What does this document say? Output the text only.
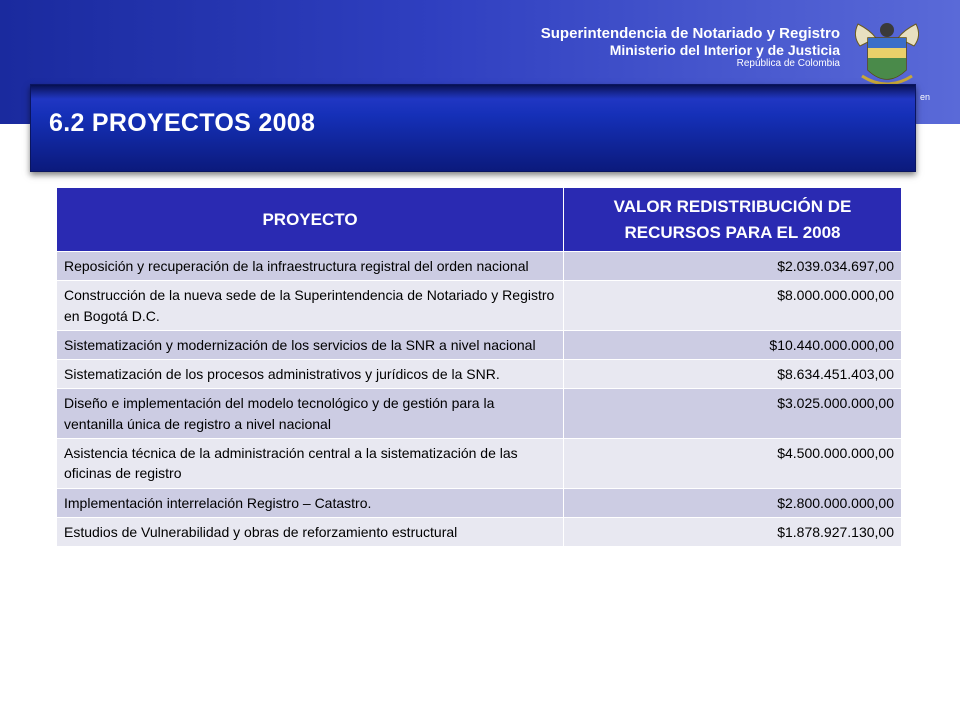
Superintendencia de Notariado y Registro
Ministerio del Interior y de Justicia
República de Colombia
en
6.2 PROYECTOS 2008
PROYECTO	VALOR REDISTRIBUCIÓN DE RECURSOS PARA EL 2008
Reposición y recuperación de la infraestructura registral del orden nacional	$2.039.034.697,00
Construcción de la nueva sede de la Superintendencia de Notariado y Registro en Bogotá D.C.	$8.000.000.000,00
Sistematización y modernización de los servicios de la SNR a nivel nacional	$10.440.000.000,00
Sistematización de los procesos administrativos y jurídicos de la SNR.	$8.634.451.403,00
Diseño e implementación del modelo tecnológico y de gestión para la ventanilla única de registro a nivel nacional	$3.025.000.000,00
Asistencia técnica de la administración central a la sistematización de las oficinas de registro	$4.500.000.000,00
Implementación interrelación Registro – Catastro.	$2.800.000.000,00
Estudios de Vulnerabilidad y obras de reforzamiento estructural	$1.878.927.130,00
